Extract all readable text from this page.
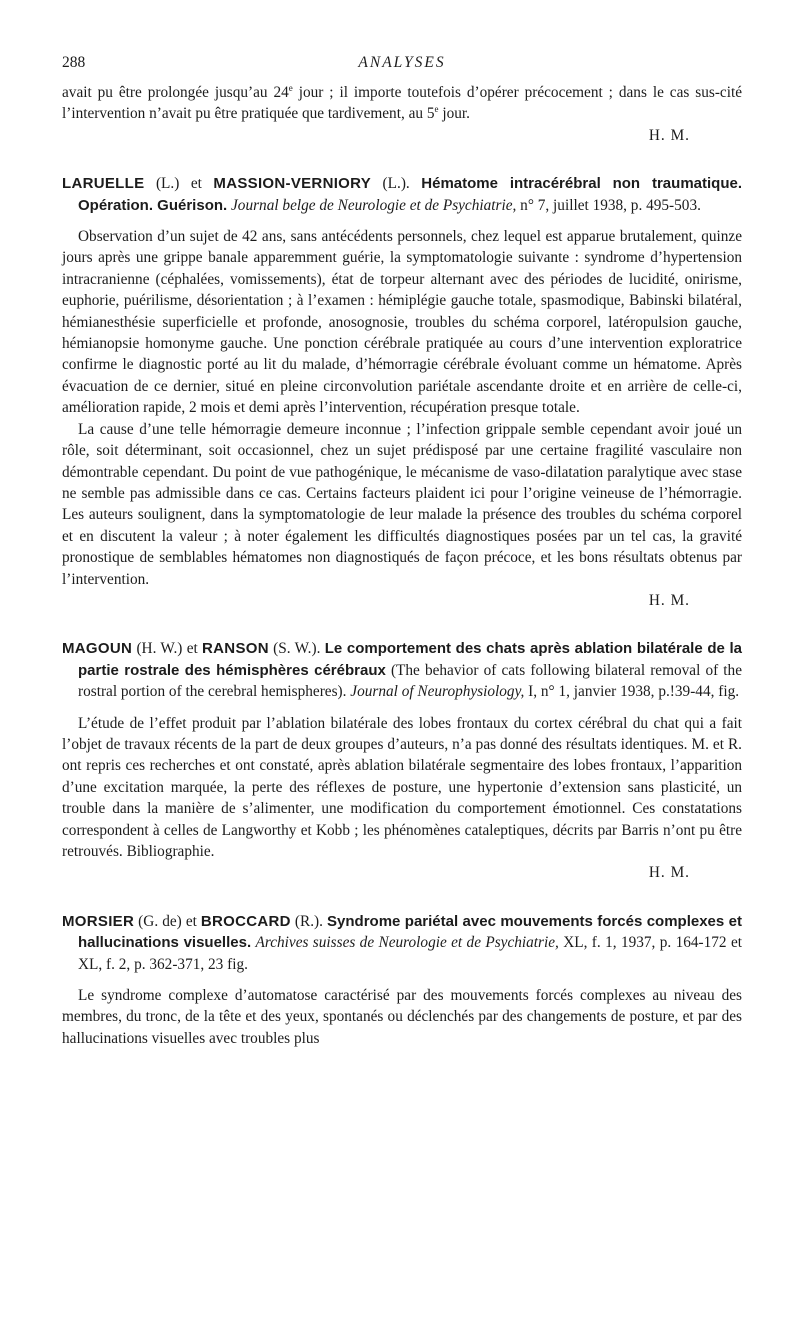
288	ANALYSES

avait pu être prolongée jusqu’au 24e jour ; il importe toutefois d’opérer précocement ; dans le cas sus-cité l’intervention n’avait pu être pratiquée que tardivement, au 5e jour.

H. M.
LARUELLE (L.) et MASSION-VERNIORY (L.). Hématome intracérébral non traumatique. Opération. Guérison. Journal belge de Neurologie et de Psychiatrie, n° 7, juillet 1938, p. 495-503.

Observation d’un sujet de 42 ans, sans antécédents personnels, chez lequel est apparue brutalement, quinze jours après une grippe banale apparemment guérie, la symptomatologie suivante : syndrome d’hypertension intracranienne (céphalées, vomissements), état de torpeur alternant avec des périodes de lucidité, onirisme, euphorie, puérilisme, désorientation ; à l’examen : hémiplégie gauche totale, spasmodique, Babinski bilatéral, hémianesthésie superficielle et profonde, anosognosie, troubles du schéma corporel, latéropulsion gauche, hémianopsie homonyme gauche. Une ponction cérébrale pratiquée au cours d’une intervention exploratrice confirme le diagnostic porté au lit du malade, d’hémorragie cérébrale évoluant comme un hématome. Après évacuation de ce dernier, situé en pleine circonvolution pariétale ascendante droite et en arrière de celle-ci, amélioration rapide, 2 mois et demi après l’intervention, récupération presque totale.

La cause d’une telle hémorragie demeure inconnue ; l’infection grippale semble cependant avoir joué un rôle, soit déterminant, soit occasionnel, chez un sujet prédisposé par une certaine fragilité vasculaire non démontrable cependant. Du point de vue pathogénique, le mécanisme de vaso-dilatation paralytique avec stase ne semble pas admissible dans ce cas. Certains facteurs plaident ici pour l’origine veineuse de l’hémorragie. Les auteurs soulignent, dans la symptomatologie de leur malade la présence des troubles du schéma corporel et en discutent la valeur ; à noter également les difficultés diagnostiques posées par un tel cas, la gravité pronostique de semblables hématomes non diagnostiqués de façon précoce, et les bons résultats obtenus par l’intervention.

H. M.
MAGOUN (H. W.) et RANSON (S. W.). Le comportement des chats après ablation bilatérale de la partie rostrale des hémisphères cérébraux (The behavior of cats following bilateral removal of the rostral portion of the cerebral hemispheres). Journal of Neurophysiology, I, n° 1, janvier 1938, p.!39-44, fig.

L’étude de l’effet produit par l’ablation bilatérale des lobes frontaux du cortex cérébral du chat qui a fait l’objet de travaux récents de la part de deux groupes d’auteurs, n’a pas donné des résultats identiques. M. et R. ont repris ces recherches et ont constaté, après ablation bilatérale segmentaire des lobes frontaux, l’apparition d’une excitation marquée, la perte des réflexes de posture, une hypertonie d’extension sans plasticité, un trouble dans la manière de s’alimenter, une modification du comportement émotionnel. Ces constatations correspondent à celles de Langworthy et Kobb ; les phénomènes cataleptiques, décrits par Barris n’ont pu être retrouvés. Bibliographie.

H. M.
MORSIER (G. de) et BROCCARD (R.). Syndrome pariétal avec mouvements forcés complexes et hallucinations visuelles. Archives suisses de Neurologie et de Psychiatrie, XL, f. 1, 1937, p. 164-172 et XL, f. 2, p. 362-371, 23 fig.

Le syndrome complexe d’automatose caractérisé par des mouvements forcés complexes au niveau des membres, du tronc, de la tête et des yeux, spontanés ou déclenchés par des changements de posture, et par des hallucinations visuelles avec troubles plus
